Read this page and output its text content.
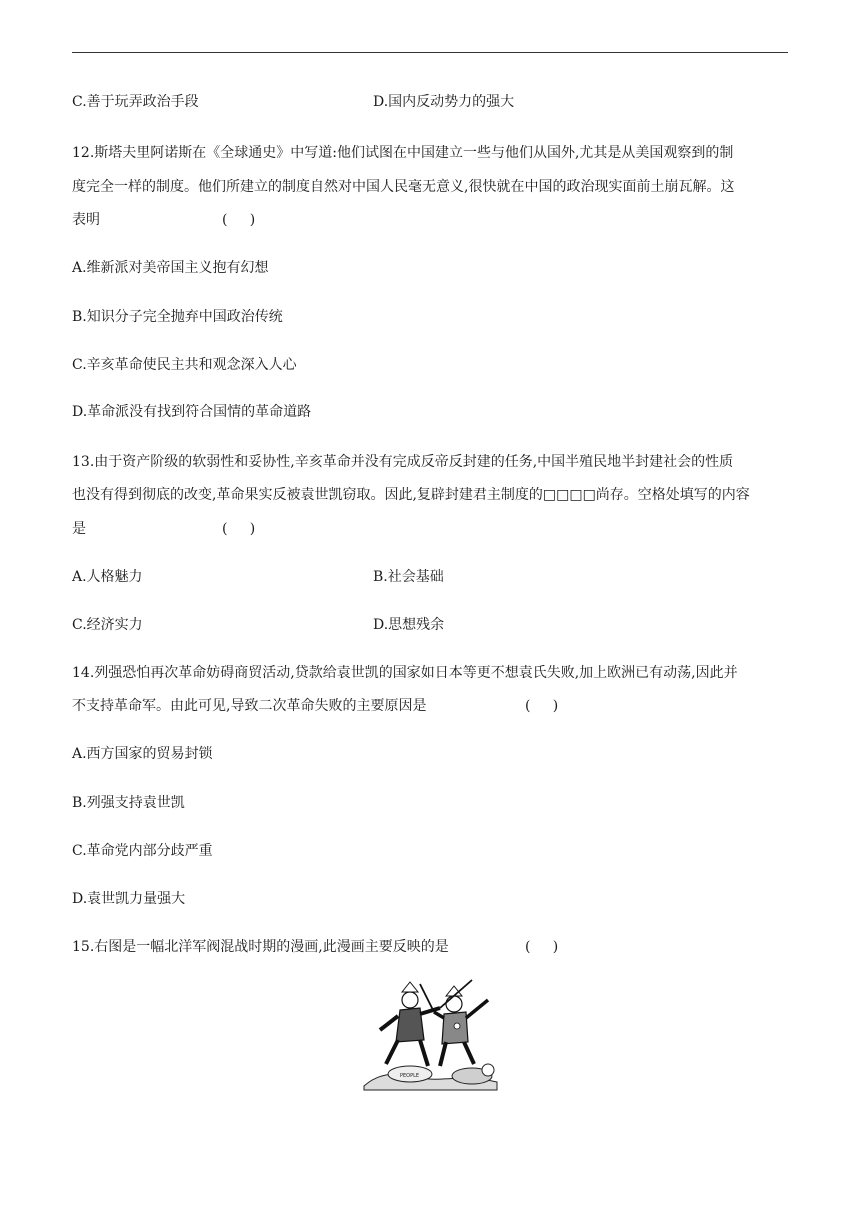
C.善于玩弄政治手段	D.国内反动势力的强大
12.斯塔夫里阿诺斯在《全球通史》中写道:他们试图在中国建立一些与他们从国外,尤其是从美国观察到的制
度完全一样的制度。他们所建立的制度自然对中国人民毫无意义,很快就在中国的政治现实面前土崩瓦解。这
表明	(     )
A.维新派对美帝国主义抱有幻想
B.知识分子完全抛弃中国政治传统
C.辛亥革命使民主共和观念深入人心
D.革命派没有找到符合国情的革命道路
13.由于资产阶级的软弱性和妥协性,辛亥革命并没有完成反帝反封建的任务,中国半殖民地半封建社会的性质
也没有得到彻底的改变,革命果实反被袁世凯窃取。因此,复辟封建君主制度的□□□□尚存。空格处填写的内容
是	(     )
A.人格魅力	B.社会基础
C.经济实力	D.思想残余
14.列强恐怕再次革命妨碍商贸活动,贷款给袁世凯的国家如日本等更不想袁氏失败,加上欧洲已有动荡,因此并
不支持革命军。由此可见,导致二次革命失败的主要原因是	(     )
A.西方国家的贸易封锁
B.列强支持袁世凯
C.革命党内部分歧严重
D.袁世凯力量强大
15.右图是一幅北洋军阀混战时期的漫画,此漫画主要反映的是	(     )
PEOPLE
